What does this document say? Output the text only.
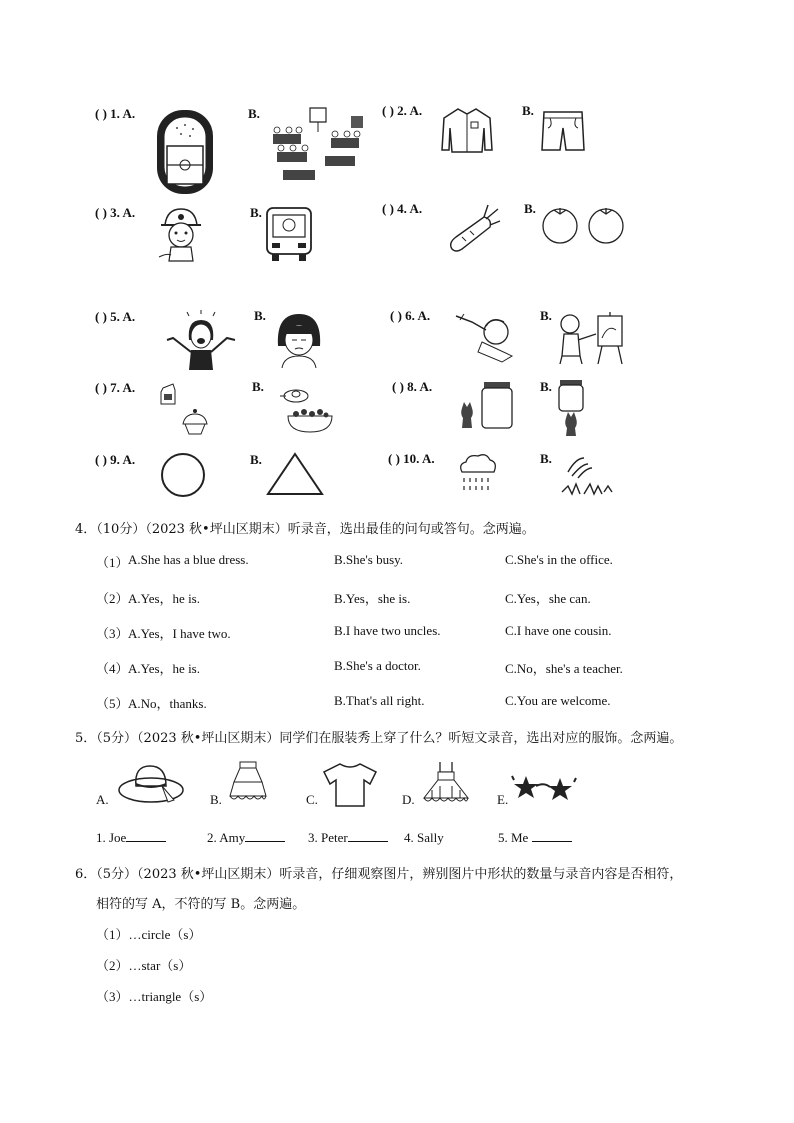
( ) 1. A.	B.	( ) 2. A.	B.
( ) 3. A.	B.	( ) 4. A.	B.
( ) 5. A.	B.	( ) 6. A.	B.
( ) 7. A.	B.	( ) 8. A.	B.
( ) 9. A.	B.	( ) 10. A.	B.
4．（10分）（2023 秋•坪山区期末）听录音，选出最佳的问句或答句。念两遍。
（1） A.She has a blue dress.	B.She's busy.	C.She's in the office.
（2） A.Yes，he is.	B.Yes，she is.	C.Yes，she can.
（3） A.Yes，I have two.	B.I have two uncles.	C.I have one cousin.
（4） A.Yes，he is.	B.She's a doctor.	C.No，she's a teacher.
（5） A.No，thanks.	B.That's all right.	C.You are welcome.
5．（5分）（2023 秋•坪山区期末）同学们在服装秀上穿了什么？听短文录音，选出对应的服饰。念两遍。
A.	B.	C.	D.	E.
1. Joe	2. Amy	3. Peter	4. Sally	5. Me
6．（5分）（2023 秋•坪山区期末）听录音，仔细观察图片，辨别图片中形状的数量与录音内容是否相符，
相符的写 A，不符的写 B。念两遍。
（1）…circle（s）
（2）…star（s）
（3）…triangle（s）
